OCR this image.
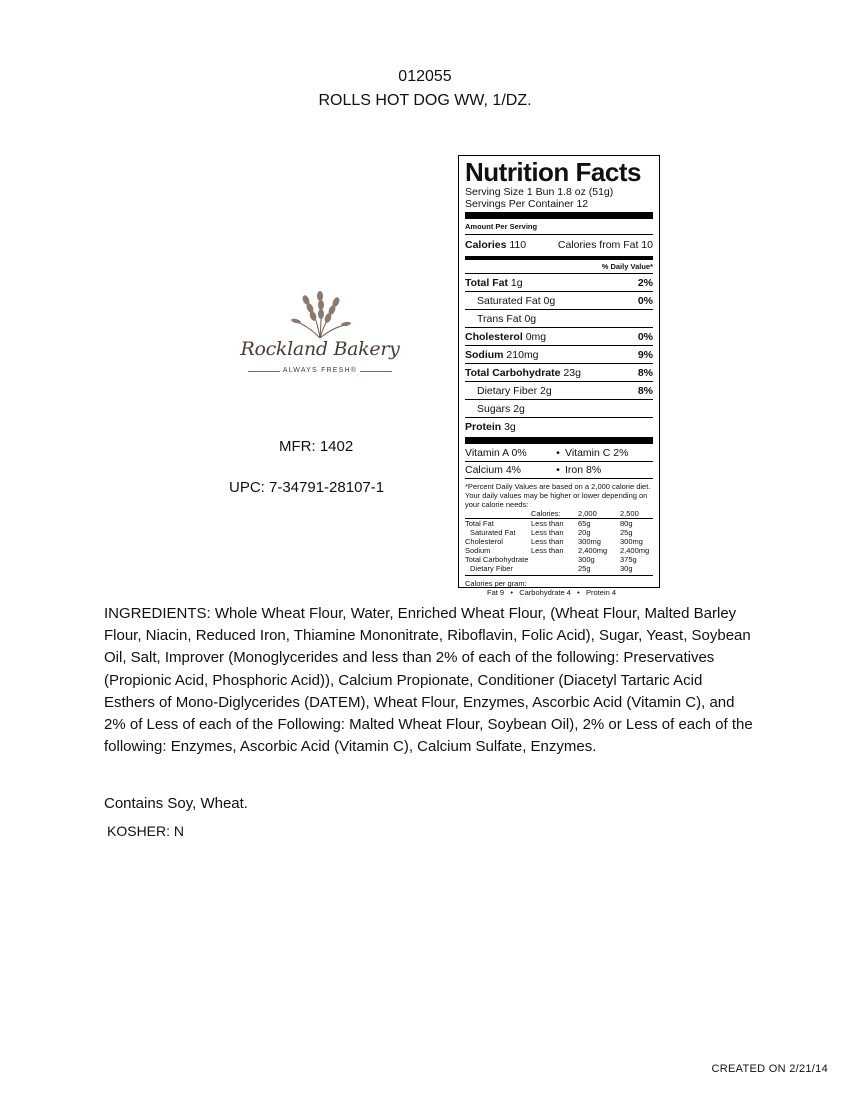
012055
ROLLS HOT DOG WW, 1/DZ.
Rockland Bakery
ALWAYS FRESH®
MFR: 1402
UPC: 7-34791-28107-1
Nutrition Facts
Serving Size 1 Bun 1.8 oz (51g)
Servings Per Container 12
Amount Per Serving
Calories 110	Calories from Fat 10
% Daily Value*
Total Fat 1g	2%
Saturated Fat 0g	0%
Trans Fat 0g
Cholesterol 0mg	0%
Sodium 210mg	9%
Total Carbohydrate 23g	8%
Dietary Fiber 2g	8%
Sugars 2g
Protein 3g
Vitamin A 0%	• Vitamin C 2%
Calcium 4%	• Iron 8%
*Percent Daily Values are based on a 2,000 calorie diet. Your daily values may be higher or lower depending on your calorie needs:
	Calories:	2,000	2,500
Total Fat	Less than	65g	80g
Saturated Fat	Less than	20g	25g
Cholesterol	Less than	300mg	300mg
Sodium	Less than	2,400mg	2,400mg
Total Carbohydrate		300g	375g
Dietary Fiber		25g	30g
Calories per gram:
Fat 9   •   Carbohydrate 4   •   Protein 4
INGREDIENTS: Whole Wheat Flour, Water, Enriched Wheat Flour, (Wheat Flour, Malted Barley Flour, Niacin, Reduced Iron, Thiamine Mononitrate, Riboflavin, Folic Acid), Sugar, Yeast, Soybean Oil, Salt, Improver (Monoglycerides and less than 2% of each of the following: Preservatives (Propionic Acid, Phosphoric Acid)), Calcium Propionate, Conditioner (Diacetyl Tartaric Acid Esthers of Mono-Diglycerides (DATEM), Wheat Flour, Enzymes, Ascorbic Acid (Vitamin C), and 2% of Less of each of the Following: Malted Wheat Flour, Soybean Oil), 2% or Less of each of the following: Enzymes, Ascorbic Acid (Vitamin C), Calcium Sulfate, Enzymes.
Contains Soy, Wheat.
KOSHER: N
CREATED ON 2/21/14
